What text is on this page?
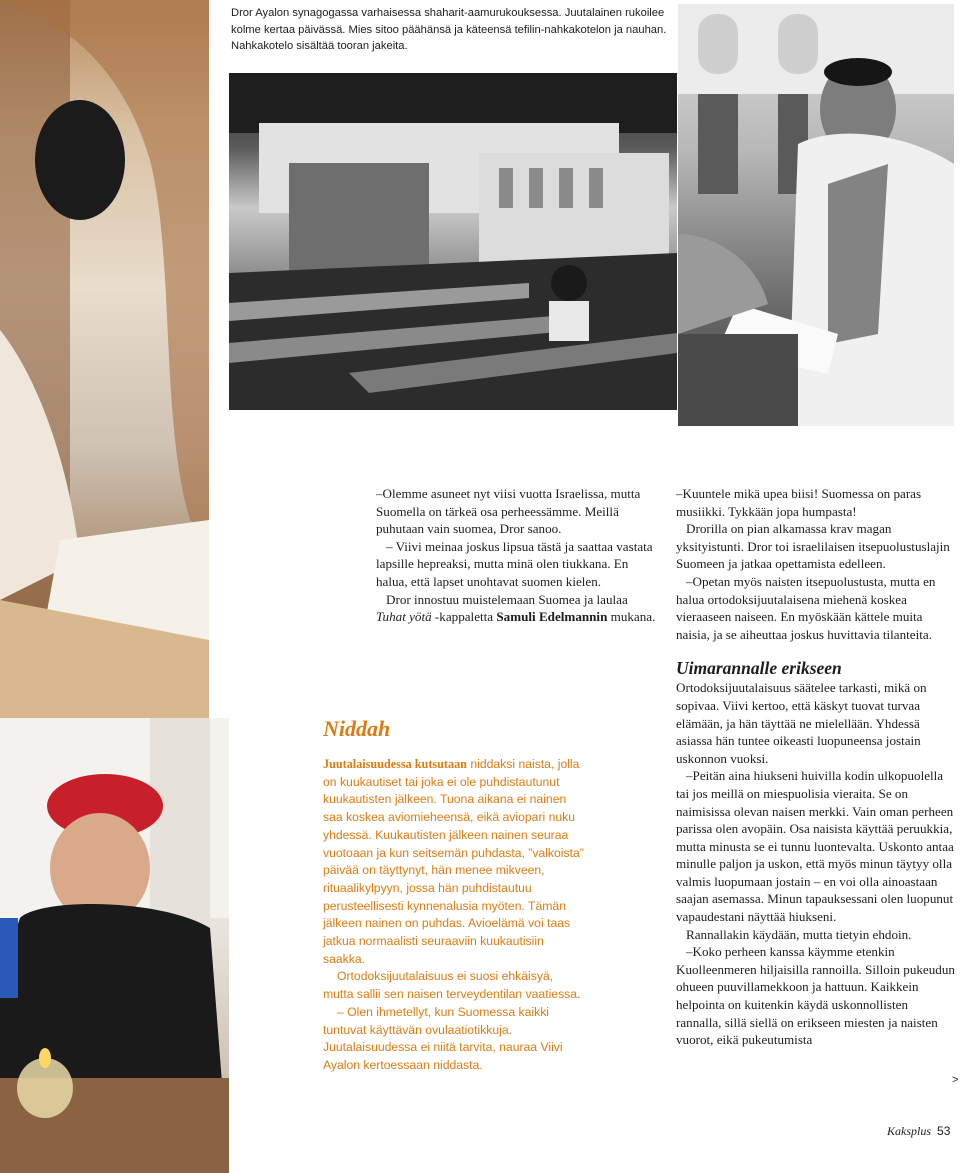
Dror Ayalon synagogassa varhaisessa shaharit-aamurukouksessa. Juutalainen rukoilee kolme kertaa päivässä. Mies sitoo päähänsä ja käteensä tefilin-nahkakotelon ja nauhan. Nahkakotelo sisältää tooran jakeita.

–Olemme asuneet nyt viisi vuotta Israelissa, mutta Suomella on tärkeä osa perheessämme. Meillä puhutaan vain suomea, Dror sanoo.

– Viivi meinaa joskus lipsua tästä ja saattaa vastata lapsille hepreaksi, mutta minä olen tiukkana. En halua, että lapset unohtavat suomen kielen.

Dror innostuu muistelemaan Suomea ja laulaa Tuhat yötä -kappaletta Samuli Edelmannin mukana.

–Kuuntele mikä upea biisi! Suomessa on paras musiikki. Tykkään jopa humpasta!

Drorilla on pian alkamassa krav magan yksityistunti. Dror toi israelilaisen itsepuolustuslajin Suomeen ja jatkaa opettamista edelleen.

–Opetan myös naisten itsepuolustusta, mutta en halua ortodoksijuutalaisena miehenä koskea vieraaseen naiseen. En myöskään kättele muita naisia, ja se aiheuttaa joskus huvittavia tilanteita.

Uimarannalle erikseen

Ortodoksijuutalaisuus säätelee tarkasti, mikä on sopivaa. Viivi kertoo, että käskyt tuovat turvaa elämään, ja hän täyttää ne mielellään. Yhdessä asiassa hän tuntee oikeasti luopuneensa jostain uskonnon vuoksi.

–Peitän aina hiukseni huivilla kodin ulkopuolella tai jos meillä on miespuolisia vieraita. Se on naimisissa olevan naisen merkki. Vain oman perheen parissa olen avopäin. Osa naisista käyttää peruukkia, mutta minusta se ei tunnu luontevalta. Uskonto antaa minulle paljon ja uskon, että myös minun täytyy olla valmis luopumaan jostain – en voi olla ainoastaan saajan asemassa. Minun tapauksessani olen luopunut vapaudestani näyttää hiukseni.

Rannallakin käydään, mutta tietyin ehdoin.

–Koko perheen kanssa käymme etenkin Kuolleenmeren hiljaisilla rannoilla. Silloin pukeudun ohueen puuvillamekkoon ja hattuun. Kaikkein helpointa on kuitenkin käydä uskonnollisten rannalla, sillä siellä on erikseen miesten ja naisten vuorot, eikä pukeutumista

>
Niddah

Juutalaisuudessa kutsutaan niddaksi naista, jolla on kuukautiset tai joka ei ole puhdistautunut kuukautisten jälkeen. Tuona aikana ei nainen saa koskea aviomieheensä, eikä aviopari nuku yhdessä. Kuukautisten jälkeen nainen seuraa vuotoaan ja kun seitsemän puhdasta, ”valkoista” päivää on täyttynyt, hän menee mikveen, rituaalikylpyyn, jossa hän puhdistautuu perusteellisesti kynnenalusia myöten. Tämän jälkeen nainen on puhdas. Avioelämä voi taas jatkua normaalisti seuraaviin kuukautisiin saakka.

Ortodoksijuutalaisuus ei suosi ehkäisyä, mutta sallii sen naisen terveydentilan vaatiessa.

– Olen ihmetellyt, kun Suomessa kaikki tuntuvat käyttävän ovulaatiotikkuja. Juutalaisuudessa ei niitä tarvita, nauraa Viivi Ayalon kertoessaan niddasta.

Kaksplus 53
